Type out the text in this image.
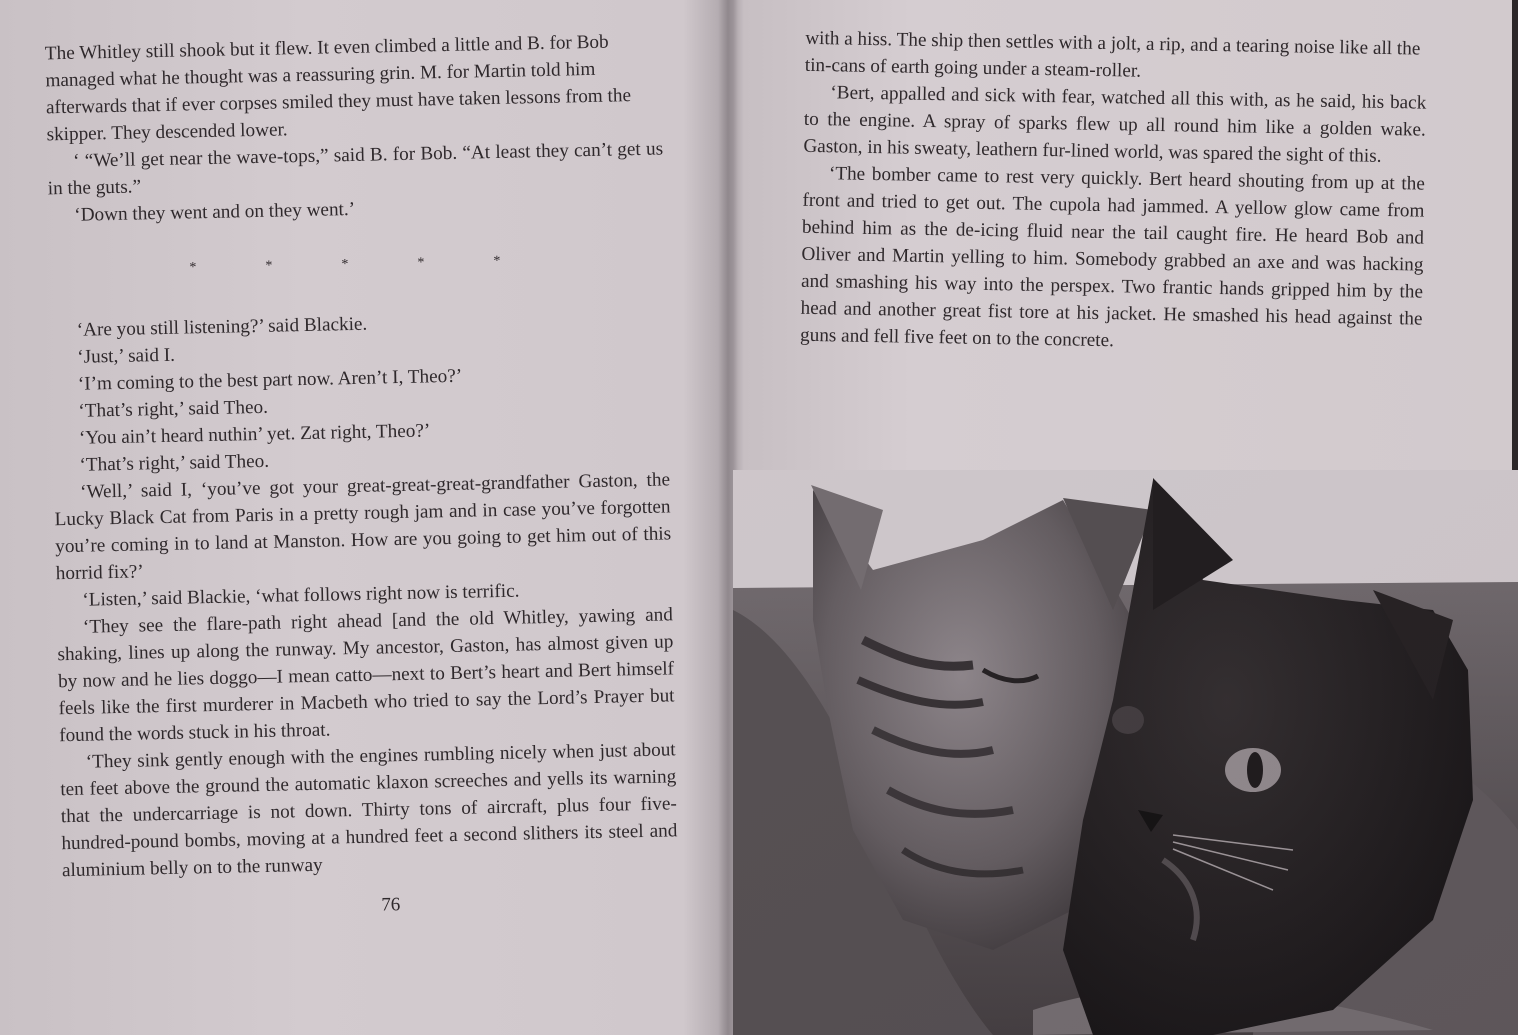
The Whitley still shook but it flew. It even climbed a little and B. for Bob managed what he thought was a reassuring grin. M. for Martin told him afterwards that if ever corpses smiled they must have taken lessons from the skipper. They descended lower.

‘ “We’ll get near the wave-tops,” said B. for Bob. “At least they can’t get us in the guts.”

‘Down they went and on they went.’

*	*	*	*	*

‘Are you still listening?’ said Blackie.

‘Just,’ said I.

‘I’m coming to the best part now. Aren’t I, Theo?’

‘That’s right,’ said Theo.

‘You ain’t heard nuthin’ yet. Zat right, Theo?’

‘That’s right,’ said Theo.

‘Well,’ said I, ‘you’ve got your great-great-great-grandfather Gaston, the Lucky Black Cat from Paris in a pretty rough jam and in case you’ve forgotten you’re coming in to land at Manston. How are you going to get him out of this horrid fix?’

‘Listen,’ said Blackie, ‘what follows right now is terrific.

‘They see the flare-path right ahead [and the old Whitley, yawing and shaking, lines up along the runway. My ancestor, Gaston, has almost given up by now and he lies doggo—I mean catto—next to Bert’s heart and Bert himself feels like the first murderer in Macbeth who tried to say the Lord’s Prayer but found the words stuck in his throat.

‘They sink gently enough with the engines rumbling nicely when just about ten feet above the ground the automatic klaxon screeches and yells its warning that the undercarriage is not down. Thirty tons of aircraft, plus four five-hundred-pound bombs, moving at a hundred feet a second slithers its steel and aluminium belly on to the runway

76

with a hiss. The ship then settles with a jolt, a rip, and a tearing noise like all the tin-cans of earth going under a steam-roller.

‘Bert, appalled and sick with fear, watched all this with, as he said, his back to the engine. A spray of sparks flew up all round him like a golden wake. Gaston, in his sweaty, leathern fur-lined world, was spared the sight of this.

‘The bomber came to rest very quickly. Bert heard shouting from up at the front and tried to get out. The cupola had jammed. A yellow glow came from behind him as the de-icing fluid near the tail caught fire. He heard Bob and Oliver and Martin yelling to him. Somebody grabbed an axe and was hacking and smashing his way into the perspex. Two frantic hands gripped him by the head and another great fist tore at his jacket. He smashed his head against the guns and fell five feet on to the concrete.
